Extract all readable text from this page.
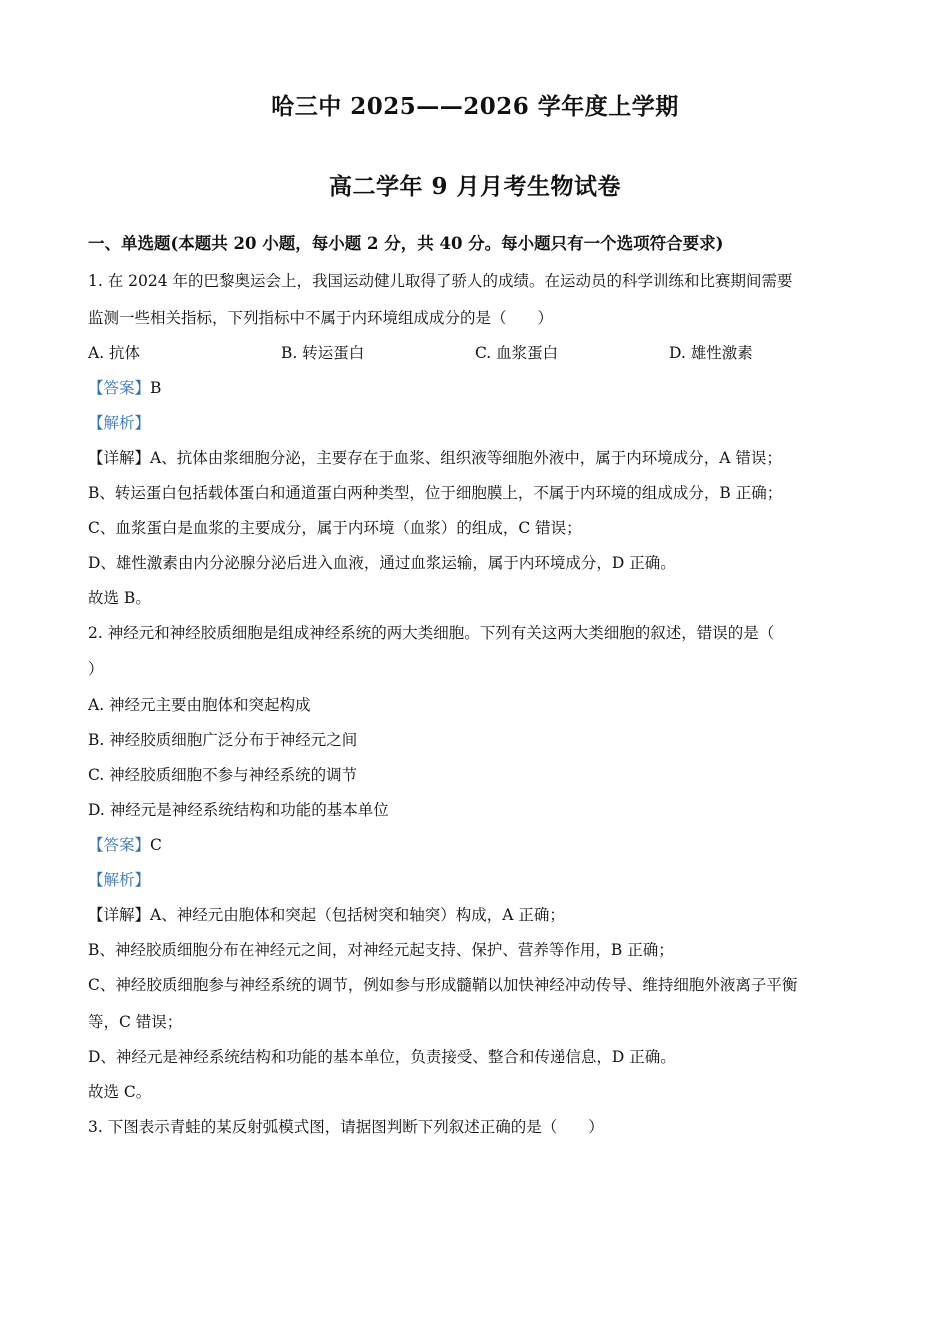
哈三中 2025——2026 学年度上学期
高二学年 9 月月考生物试卷
一、单选题(本题共 20 小题，每小题 2 分，共 40 分。每小题只有一个选项符合要求)
1. 在 2024 年的巴黎奥运会上，我国运动健儿取得了骄人的成绩。在运动员的科学训练和比赛期间需要
监测一些相关指标，下列指标中不属于内环境组成成分的是（　　）
A. 抗体	B. 转运蛋白	C. 血浆蛋白	D. 雄性激素
【答案】B
【解析】
【详解】A、抗体由浆细胞分泌，主要存在于血浆、组织液等细胞外液中，属于内环境成分，A 错误；
B、转运蛋白包括载体蛋白和通道蛋白两种类型，位于细胞膜上，不属于内环境的组成成分，B 正确；
C、血浆蛋白是血浆的主要成分，属于内环境（血浆）的组成，C 错误；
D、雄性激素由内分泌腺分泌后进入血液，通过血浆运输，属于内环境成分，D 正确。
故选 B。
2. 神经元和神经胶质细胞是组成神经系统的两大类细胞。下列有关这两大类细胞的叙述，错误的是（
）
A. 神经元主要由胞体和突起构成
B. 神经胶质细胞广泛分布于神经元之间
C. 神经胶质细胞不参与神经系统的调节
D. 神经元是神经系统结构和功能的基本单位
【答案】C
【解析】
【详解】A、神经元由胞体和突起（包括树突和轴突）构成，A 正确；
B、神经胶质细胞分布在神经元之间，对神经元起支持、保护、营养等作用，B 正确；
C、神经胶质细胞参与神经系统的调节，例如参与形成髓鞘以加快神经冲动传导、维持细胞外液离子平衡
等，C 错误；
D、神经元是神经系统结构和功能的基本单位，负责接受、整合和传递信息，D 正确。
故选 C。
3. 下图表示青蛙的某反射弧模式图，请据图判断下列叙述正确的是（　　）
